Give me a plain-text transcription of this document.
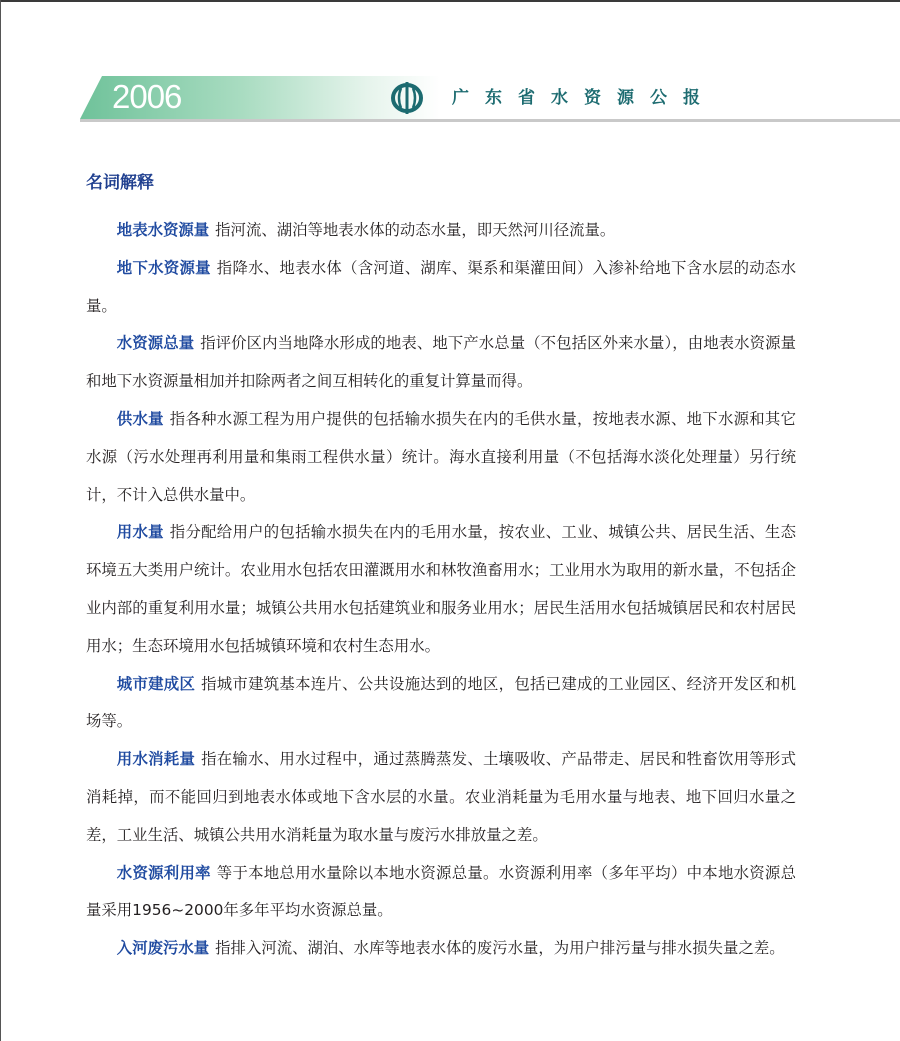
2006	广东省水资源公报
名词解释

地表水资源量 指河流、湖泊等地表水体的动态水量，即天然河川径流量。

地下水资源量 指降水、地表水体（含河道、湖库、渠系和渠灌田间）入渗补给地下含水层的动态水量。

水资源总量 指评价区内当地降水形成的地表、地下产水总量（不包括区外来水量），由地表水资源量和地下水资源量相加并扣除两者之间互相转化的重复计算量而得。

供水量 指各种水源工程为用户提供的包括输水损失在内的毛供水量，按地表水源、地下水源和其它水源（污水处理再利用量和集雨工程供水量）统计。海水直接利用量（不包括海水淡化处理量）另行统计，不计入总供水量中。

用水量 指分配给用户的包括输水损失在内的毛用水量，按农业、工业、城镇公共、居民生活、生态环境五大类用户统计。农业用水包括农田灌溉用水和林牧渔畜用水；工业用水为取用的新水量，不包括企业内部的重复利用水量；城镇公共用水包括建筑业和服务业用水；居民生活用水包括城镇居民和农村居民用水；生态环境用水包括城镇环境和农村生态用水。

城市建成区 指城市建筑基本连片、公共设施达到的地区，包括已建成的工业园区、经济开发区和机场等。

用水消耗量 指在输水、用水过程中，通过蒸腾蒸发、土壤吸收、产品带走、居民和牲畜饮用等形式消耗掉，而不能回归到地表水体或地下含水层的水量。农业消耗量为毛用水量与地表、地下回归水量之差，工业生活、城镇公共用水消耗量为取水量与废污水排放量之差。

水资源利用率 等于本地总用水量除以本地水资源总量。水资源利用率（多年平均）中本地水资源总量采用1956~2000年多年平均水资源总量。

入河废污水量 指排入河流、湖泊、水库等地表水体的废污水量，为用户排污量与排水损失量之差。
